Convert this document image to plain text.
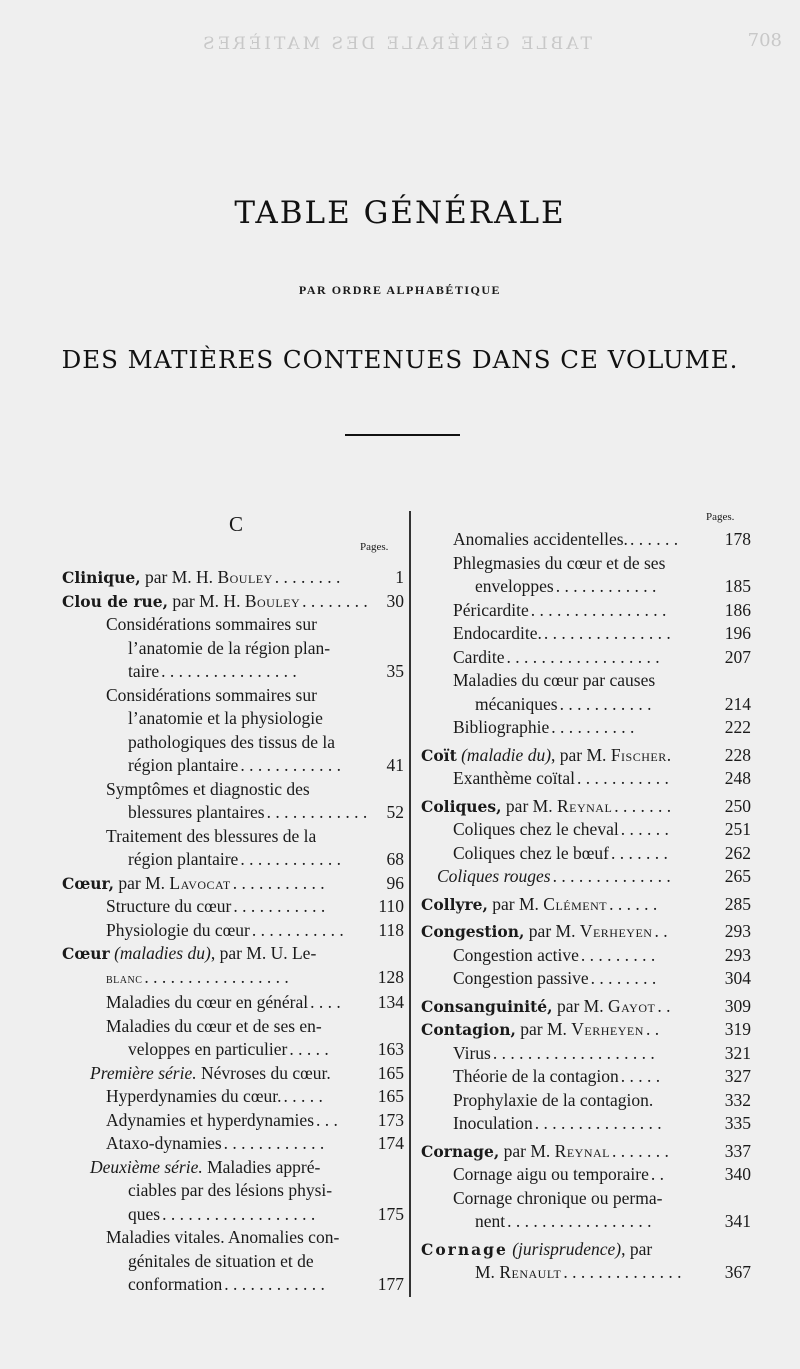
TABLE GÉNÉRALE DES MATIÈRES	708
TABLE GÉNÉRALE
PAR ORDRE ALPHABÉTIQUE
DES MATIÈRES CONTENUES DANS CE VOLUME.
C
Pages.
Pages.
Clinique, par M. H. Bouley . . . . . . . .	1
Clou de rue, par M. H. Bouley . . . . . . . .	30
Considérations sommaires sur
l’anatomie de la région plan-
taire . . . . . . . . . . . . . . . .	35
Considérations sommaires sur
l’anatomie et la physiologie
pathologiques des tissus de la
région plantaire . . . . . . . . . . . .	41
Symptômes et diagnostic des
blessures plantaires . . . . . . . . . . . .	52
Traitement des blessures de la
région plantaire . . . . . . . . . . . .	68
Cœur, par M. Lavocat . . . . . . . . . . .	96
Structure du cœur . . . . . . . . . . .	110
Physiologie du cœur . . . . . . . . . . .	118
Cœur (maladies du), par M. U. Le-
blanc . . . . . . . . . . . . . . . . .	128
Maladies du cœur en général . . . .	134
Maladies du cœur et de ses en-
veloppes en particulier . . . . .	163
Première série. Névroses du cœur.	165
Hyperdynamies du cœur. . . . . .	165
Adynamies et hyperdynamies . . .	173
Ataxo-dynamies . . . . . . . . . . . .	174
Deuxième série. Maladies appré-
ciables par des lésions physi-
ques . . . . . . . . . . . . . . . . . .	175
Maladies vitales. Anomalies con-
génitales de situation et de
conformation . . . . . . . . . . . .	177
Anomalies accidentelles. . . . . . .	178
Phlegmasies du cœur et de ses
enveloppes . . . . . . . . . . . .	185
Péricardite . . . . . . . . . . . . . . . .	186
Endocardite. . . . . . . . . . . . . . . .	196
Cardite . . . . . . . . . . . . . . . . . .	207
Maladies du cœur par causes
mécaniques . . . . . . . . . . .	214
Bibliographie . . . . . . . . . .	222
Coït (maladie du), par M. Fischer.	228
Exanthème coïtal . . . . . . . . . . .	248
Coliques, par M. Reynal . . . . . . .	250
Coliques chez le cheval . . . . . .	251
Coliques chez le bœuf . . . . . . .	262
Coliques rouges . . . . . . . . . . . . . .	265
Collyre, par M. Clément . . . . . .	285
Congestion, par M. Verheyen . .	293
Congestion active . . . . . . . . .	293
Congestion passive . . . . . . . .	304
Consanguinité, par M. Gayot . .	309
Contagion, par M. Verheyen . .	319
Virus . . . . . . . . . . . . . . . . . . .	321
Théorie de la contagion . . . . .	327
Prophylaxie de la contagion.	332
Inoculation . . . . . . . . . . . . . . .	335
Cornage, par M. Reynal . . . . . . .	337
Cornage aigu ou temporaire . .	340
Cornage chronique ou perma-
nent . . . . . . . . . . . . . . . . .	341
Cornage (jurisprudence), par
M. Renault . . . . . . . . . . . . . .	367
